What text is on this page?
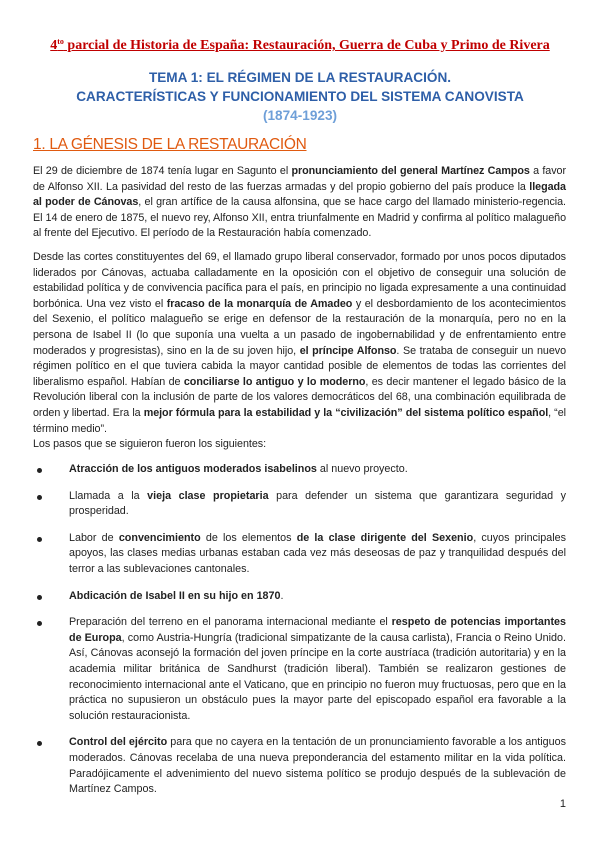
$4^{to}$ parcial de Historia de España: Restauración, Guerra de Cuba y Primo de Rivera
TEMA 1: EL RÉGIMEN DE LA RESTAURACIÓN.
CARACTERÍSTICAS Y FUNCIONAMIENTO DEL SISTEMA CANOVISTA
(1874-1923)
1. LA GÉNESIS DE LA RESTAURACIÓN
El 29 de diciembre de 1874 tenía lugar en Sagunto el pronunciamiento del general Martínez Campos a favor de Alfonso XII. La pasividad del resto de las fuerzas armadas y del propio gobierno del país produce la llegada al poder de Cánovas, el gran artífice de la causa alfonsina, que se hace cargo del llamado ministerio-regencia. El 14 de enero de 1875, el nuevo rey, Alfonso XII, entra triunfalmente en Madrid y confirma al político malagueño al frente del Ejecutivo. El período de la Restauración había comenzado.
Desde las cortes constituyentes del 69, el llamado grupo liberal conservador, formado por unos pocos diputados liderados por Cánovas, actuaba calladamente en la oposición con el objetivo de conseguir una solución de estabilidad política y de convivencia pacífica para el país, en principio no ligada expresamente a una continuidad borbónica. Una vez visto el fracaso de la monarquía de Amadeo y el desbordamiento de los acontecimientos del Sexenio, el político malagueño se erige en defensor de la restauración de la monarquía, pero no en la persona de Isabel II (lo que suponía una vuelta a un pasado de ingobernabilidad y de enfrentamiento entre moderados y progresistas), sino en la de su joven hijo, el príncipe Alfonso. Se trataba de conseguir un nuevo régimen político en el que tuviera cabida la mayor cantidad posible de elementos de todas las corrientes del liberalismo español. Habían de conciliarse lo antiguo y lo moderno, es decir mantener el legado básico de la Revolución liberal con la inclusión de parte de los valores democráticos del 68, una combinación equilibrada de orden y libertad. Era la mejor fórmula para la estabilidad y la “civilización” del sistema político español, “el término medio”.
Los pasos que se siguieron fueron los siguientes:
Atracción de los antiguos moderados isabelinos al nuevo proyecto.
Llamada a la vieja clase propietaria para defender un sistema que garantizara seguridad y prosperidad.
Labor de convencimiento de los elementos de la clase dirigente del Sexenio, cuyos principales apoyos, las clases medias urbanas estaban cada vez más deseosas de paz y tranquilidad después del terror a las sublevaciones cantonales.
Abdicación de Isabel II en su hijo en 1870.
Preparación del terreno en el panorama internacional mediante el respeto de potencias importantes de Europa, como Austria-Hungría (tradicional simpatizante de la causa carlista), Francia o Reino Unido. Así, Cánovas aconsejó la formación del joven príncipe en la corte austríaca (tradición autoritaria) y en la academia militar británica de Sandhurst (tradición liberal). También se realizaron gestiones de reconocimiento internacional ante el Vaticano, que en principio no fueron muy fructuosas, pero que en la práctica no supusieron un obstáculo pues la mayor parte del episcopado español era favorable a la solución restauracionista.
Control del ejército para que no cayera en la tentación de un pronunciamiento favorable a los antiguos moderados. Cánovas recelaba de una nueva preponderancia del estamento militar en la vida política. Paradójicamente el advenimiento del nuevo sistema político se produjo después de la sublevación de Martínez Campos.
1
